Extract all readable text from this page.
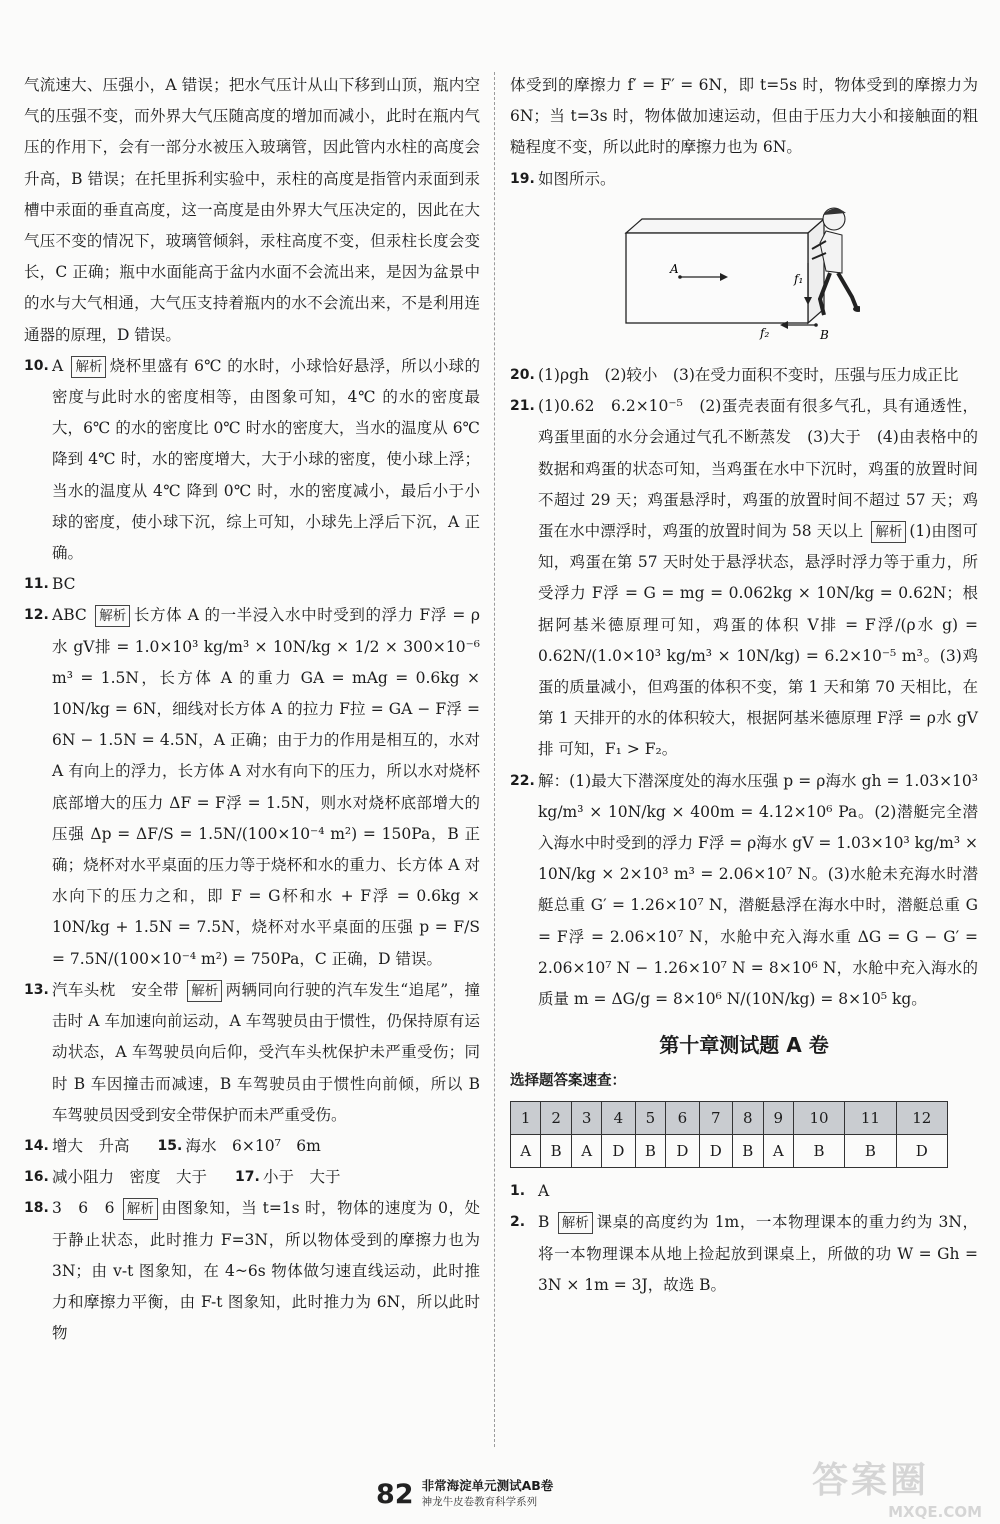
气流速大、压强小，A 错误；把水气压计从山下移到山顶，瓶内空气的压强不变，而外界大气压随高度的增加而减小，此时在瓶内气压的作用下，会有一部分水被压入玻璃管，因此管内水柱的高度会升高，B 错误；在托里拆利实验中，汞柱的高度是指管内汞面到汞槽中汞面的垂直高度，这一高度是由外界大气压决定的，因此在大气压不变的情况下，玻璃管倾斜，汞柱高度不变，但汞柱长度会变长，C 正确；瓶中水面能高于盆内水面不会流出来，是因为盆景中的水与大气相通，大气压支持着瓶内的水不会流出来，不是利用连通器的原理，D 错误。

10. A 解析 烧杯里盛有 6℃ 的水时，小球恰好悬浮，所以小球的密度与此时水的密度相等，由图象可知，4℃ 的水的密度最大，6℃ 的水的密度比 0℃ 时水的密度大，当水的温度从 6℃ 降到 4℃ 时，水的密度增大，大于小球的密度，使小球上浮；当水的温度从 4℃ 降到 0℃ 时，水的密度减小，最后小于小球的密度，使小球下沉，综上可知，小球先上浮后下沉，A 正确。
11. BC
12. ABC 解析 长方体 A 的一半浸入水中时受到的浮力 F浮 = ρ水 gV排 = 1.0×10³ kg/m³ × 10N/kg × 1/2 × 300×10⁻⁶ m³ = 1.5N，长方体 A 的重力 GA = mAg = 0.6kg × 10N/kg = 6N，细线对长方体 A 的拉力 F拉 = GA − F浮 = 6N − 1.5N = 4.5N，A 正确；由于力的作用是相互的，水对 A 有向上的浮力，长方体 A 对水有向下的压力，所以水对烧杯底部增大的压力 ΔF = F浮 = 1.5N，则水对烧杯底部增大的压强 Δp = ΔF/S = 1.5N/(100×10⁻⁴ m²) = 150Pa，B 正确；烧杯对水平桌面的压力等于烧杯和水的重力、长方体 A 对水向下的压力之和，即 F = G杯和水 + F浮 = 0.6kg × 10N/kg + 1.5N = 7.5N，烧杯对水平桌面的压强 p = F/S = 7.5N/(100×10⁻⁴ m²) = 750Pa，C 正确，D 错误。
13. 汽车头枕　安全带 解析 两辆同向行驶的汽车发生“追尾”，撞击时 A 车加速向前运动，A 车驾驶员由于惯性，仍保持原有运动状态，A 车驾驶员向后仰，受汽车头枕保护未严重受伤；同时 B 车因撞击而减速，B 车驾驶员由于惯性向前倾，所以 B 车驾驶员因受到安全带保护而未严重受伤。
14. 增大　升高 15. 海水　6×10⁷　6m
16. 减小阻力　密度　大于 17. 小于　大于
18. 3　6　6 解析 由图象知，当 t=1s 时，物体的速度为 0，处于静止状态，此时推力 F=3N，所以物体受到的摩擦力也为 3N；由 v-t 图象知，在 4~6s 物体做匀速直线运动，此时推力和摩擦力平衡，由 F-t 图象知，此时推力为 6N，所以此时物

体受到的摩擦力 f′ = F′ = 6N，即 t=5s 时，物体受到的摩擦力为 6N；当 t=3s 时，物体做加速运动，但由于压力大小和接触面的粗糙程度不变，所以此时的摩擦力也为 6N。

19. 如图所示。
A
f₁
f₂	B
20. (1)ρgh　(2)较小　(3)在受力面积不变时，压强与压力成正比
21. (1)0.62　6.2×10⁻⁵　(2)蛋壳表面有很多气孔，具有通透性，鸡蛋里面的水分会通过气孔不断蒸发　(3)大于　(4)由表格中的数据和鸡蛋的状态可知，当鸡蛋在水中下沉时，鸡蛋的放置时间不超过 29 天；鸡蛋悬浮时，鸡蛋的放置时间不超过 57 天；鸡蛋在水中漂浮时，鸡蛋的放置时间为 58 天以上 解析 (1)由图可知，鸡蛋在第 57 天时处于悬浮状态，悬浮时浮力等于重力，所受浮力 F浮 = G = mg = 0.062kg × 10N/kg = 0.62N；根据阿基米德原理可知，鸡蛋的体积 V排 = F浮/(ρ水 g) = 0.62N/(1.0×10³ kg/m³ × 10N/kg) = 6.2×10⁻⁵ m³。(3)鸡蛋的质量减小，但鸡蛋的体积不变，第 1 天和第 70 天相比，在第 1 天排开的水的体积较大，根据阿基米德原理 F浮 = ρ水 gV排 可知，F₁ > F₂。
22. 解：(1)最大下潜深度处的海水压强 p = ρ海水 gh = 1.03×10³ kg/m³ × 10N/kg × 400m = 4.12×10⁶ Pa。(2)潜艇完全潜入海水中时受到的浮力 F浮 = ρ海水 gV = 1.03×10³ kg/m³ × 10N/kg × 2×10³ m³ = 2.06×10⁷ N。(3)水舱未充海水时潜艇总重 G′ = 1.26×10⁷ N，潜艇悬浮在海水中时，潜艇总重 G = F浮 = 2.06×10⁷ N，水舱中充入海水重 ΔG = G − G′ = 2.06×10⁷ N − 1.26×10⁷ N = 8×10⁶ N，水舱中充入海水的质量 m = ΔG/g = 8×10⁶ N/(10N/kg) = 8×10⁵ kg。
第十章测试题 A 卷
选择题答案速查：
1	2	3	4	5	6	7	8	9	10	11	12
A	B	A	D	B	D	D	B	A	B	B	D
1. A
2. B 解析 课桌的高度约为 1m，一本物理课本的重力约为 3N，将一本物理课本从地上捡起放到课桌上，所做的功 W = Gh = 3N × 1m = 3J，故选 B。
82 非常海淀单元测试AB卷
神龙牛皮卷教育科学系列
答案圈
MXQE.COM
